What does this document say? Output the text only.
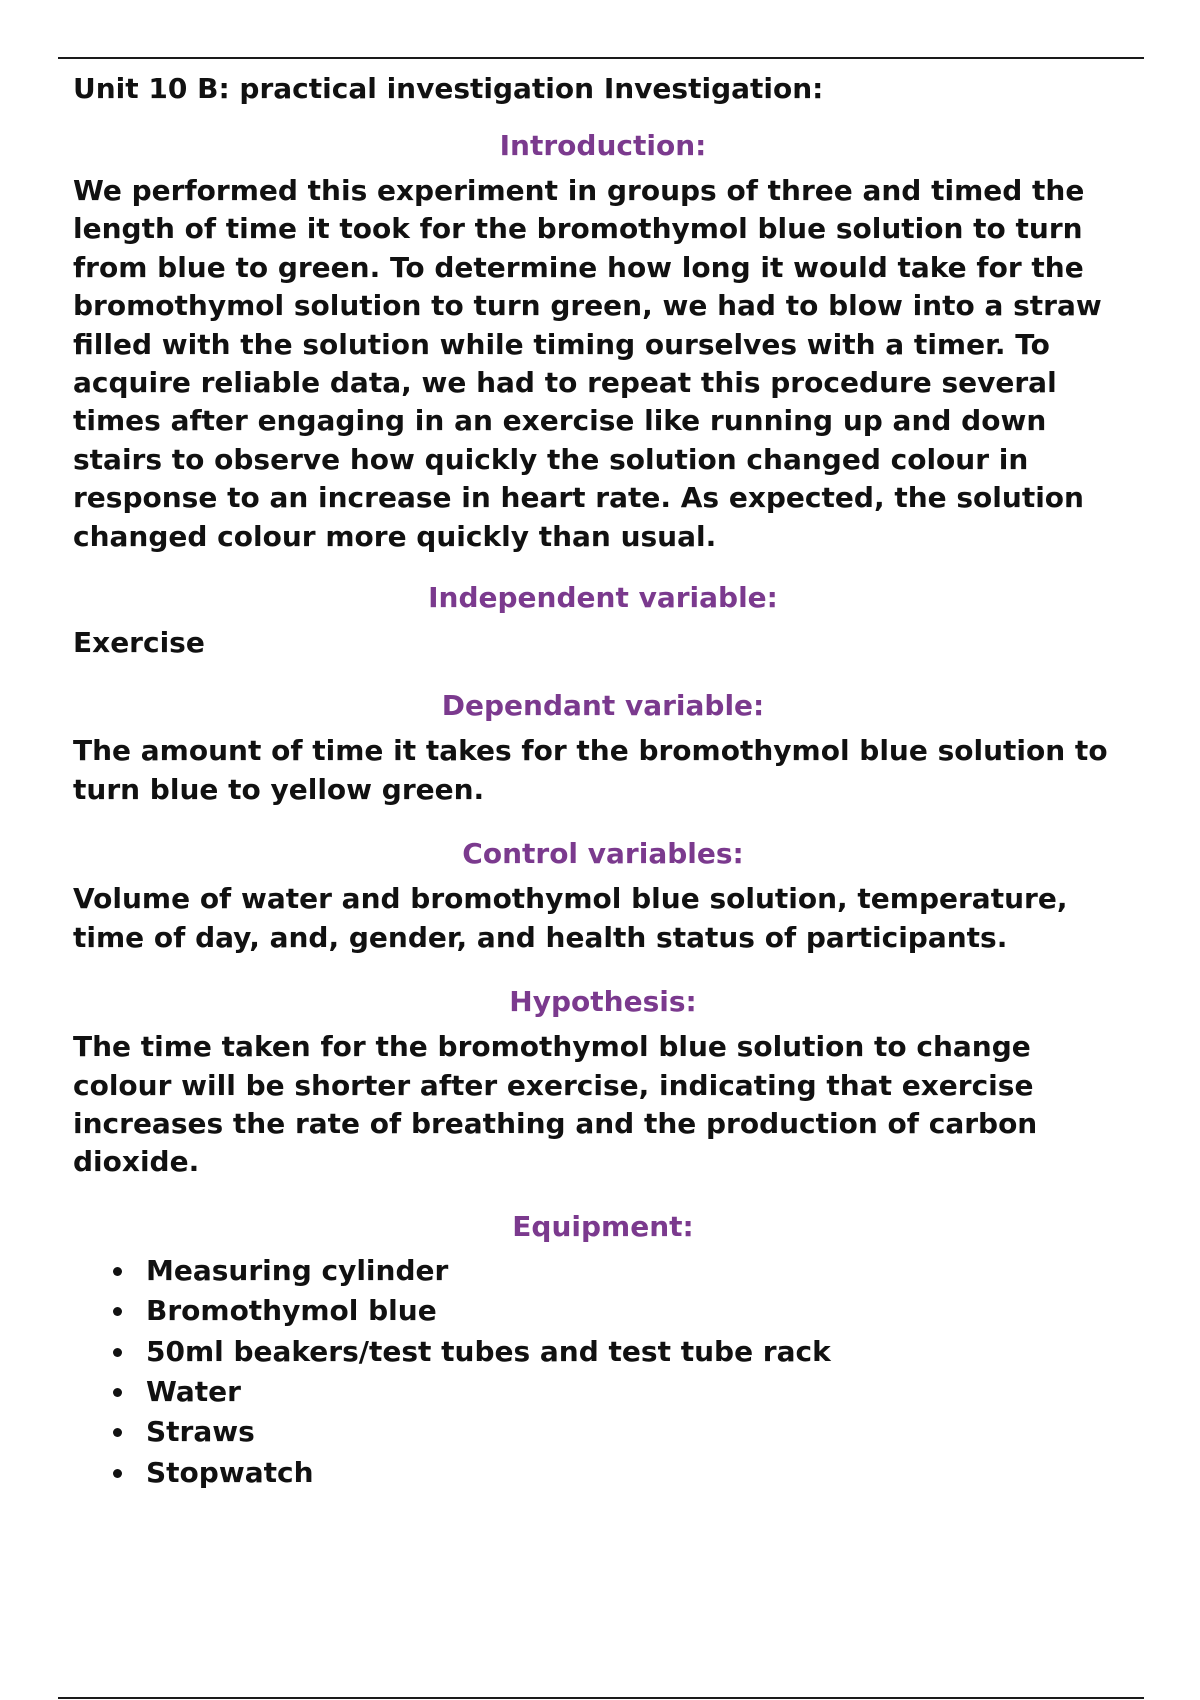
Unit 10 B: practical investigation Investigation:

Introduction:

We performed this experiment in groups of three and timed the length of time it took for the bromothymol blue solution to turn from blue to green. To determine how long it would take for the bromothymol solution to turn green, we had to blow into a straw filled with the solution while timing ourselves with a timer. To acquire reliable data, we had to repeat this procedure several times after engaging in an exercise like running up and down stairs to observe how quickly the solution changed colour in response to an increase in heart rate. As expected, the solution changed colour more quickly than usual.

Independent variable:

Exercise

Dependant variable:

The amount of time it takes for the bromothymol blue solution to turn blue to yellow green.

Control variables:

Volume of water and bromothymol blue solution, temperature, time of day, and, gender, and health status of participants.

Hypothesis:

The time taken for the bromothymol blue solution to change colour will be shorter after exercise, indicating that exercise increases the rate of breathing and the production of carbon dioxide.

Equipment:
Measuring cylinder
Bromothymol blue
50ml beakers/test tubes and test tube rack
Water
Straws
Stopwatch
